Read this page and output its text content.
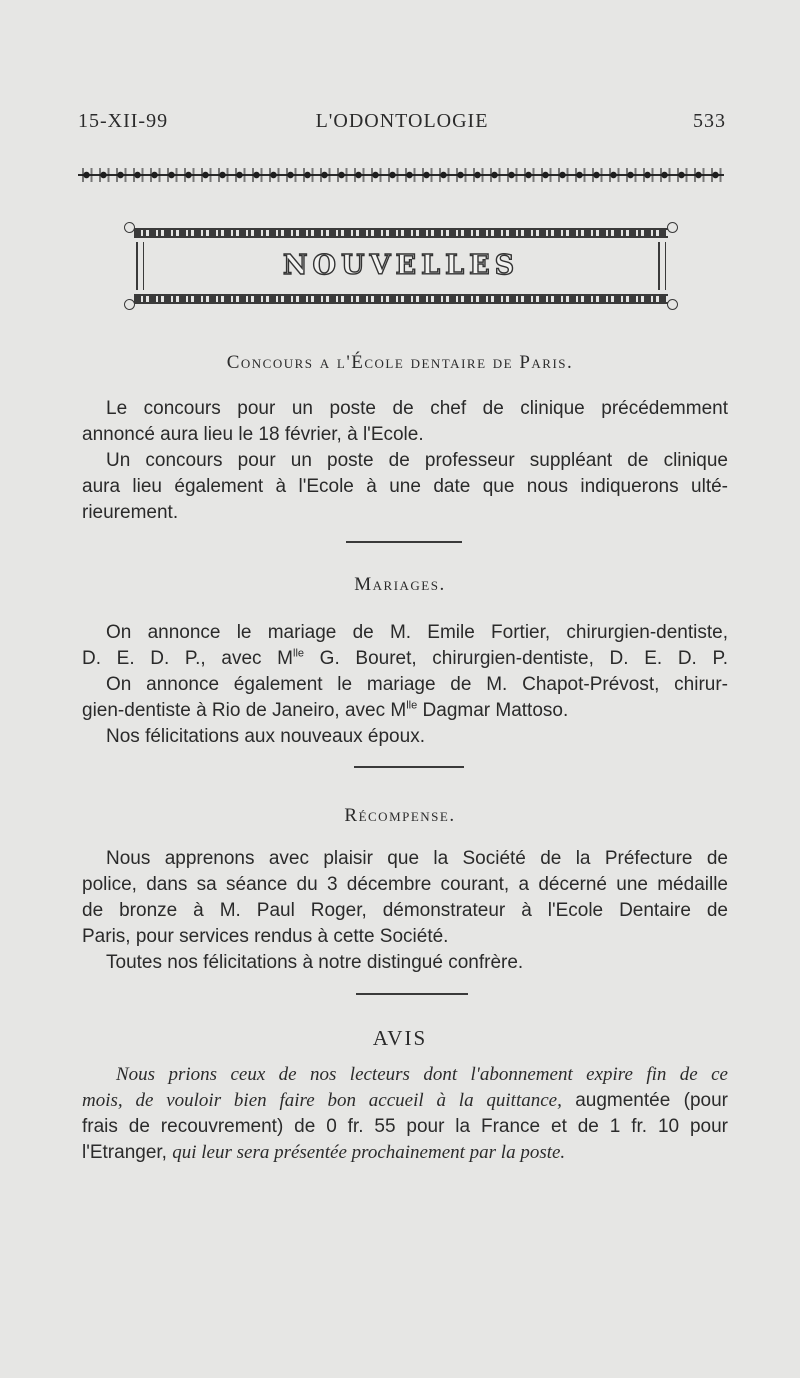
15-XII-99	L'ODONTOLOGIE	533
NOUVELLES
Concours a l'École dentaire de Paris.
Le concours pour un poste de chef de clinique précédemment
annoncé aura lieu le 18 février, à l'Ecole.
Un concours pour un poste de professeur suppléant de clinique
aura lieu également à l'Ecole à une date que nous indiquerons ulté-
rieurement.
Mariages.
On annonce le mariage de M. Emile Fortier, chirurgien-dentiste,
D. E. D. P., avec $M^{lle}$ G. Bouret, chirurgien-dentiste, D. E. D. P.
On annonce également le mariage de M. Chapot-Prévost, chirur-
gien-dentiste à Rio de Janeiro, avec $M^{lle}$ Dagmar Mattoso.
Nos félicitations aux nouveaux époux.
Récompense.
Nous apprenons avec plaisir que la Société de la Préfecture de
police, dans sa séance du 3 décembre courant, a décerné une médaille
de bronze à M. Paul Roger, démonstrateur à l'Ecole Dentaire de
Paris, pour services rendus à cette Société.
Toutes nos félicitations à notre distingué confrère.
AVIS
Nous prions ceux de nos lecteurs dont l'abonnement expire fin de ce
mois, de vouloir bien faire bon accueil à la quittance, augmentée (pour
frais de recouvrement) de 0 fr. 55 pour la France et de 1 fr. 10 pour
l'Etranger, qui leur sera présentée prochainement par la poste.
